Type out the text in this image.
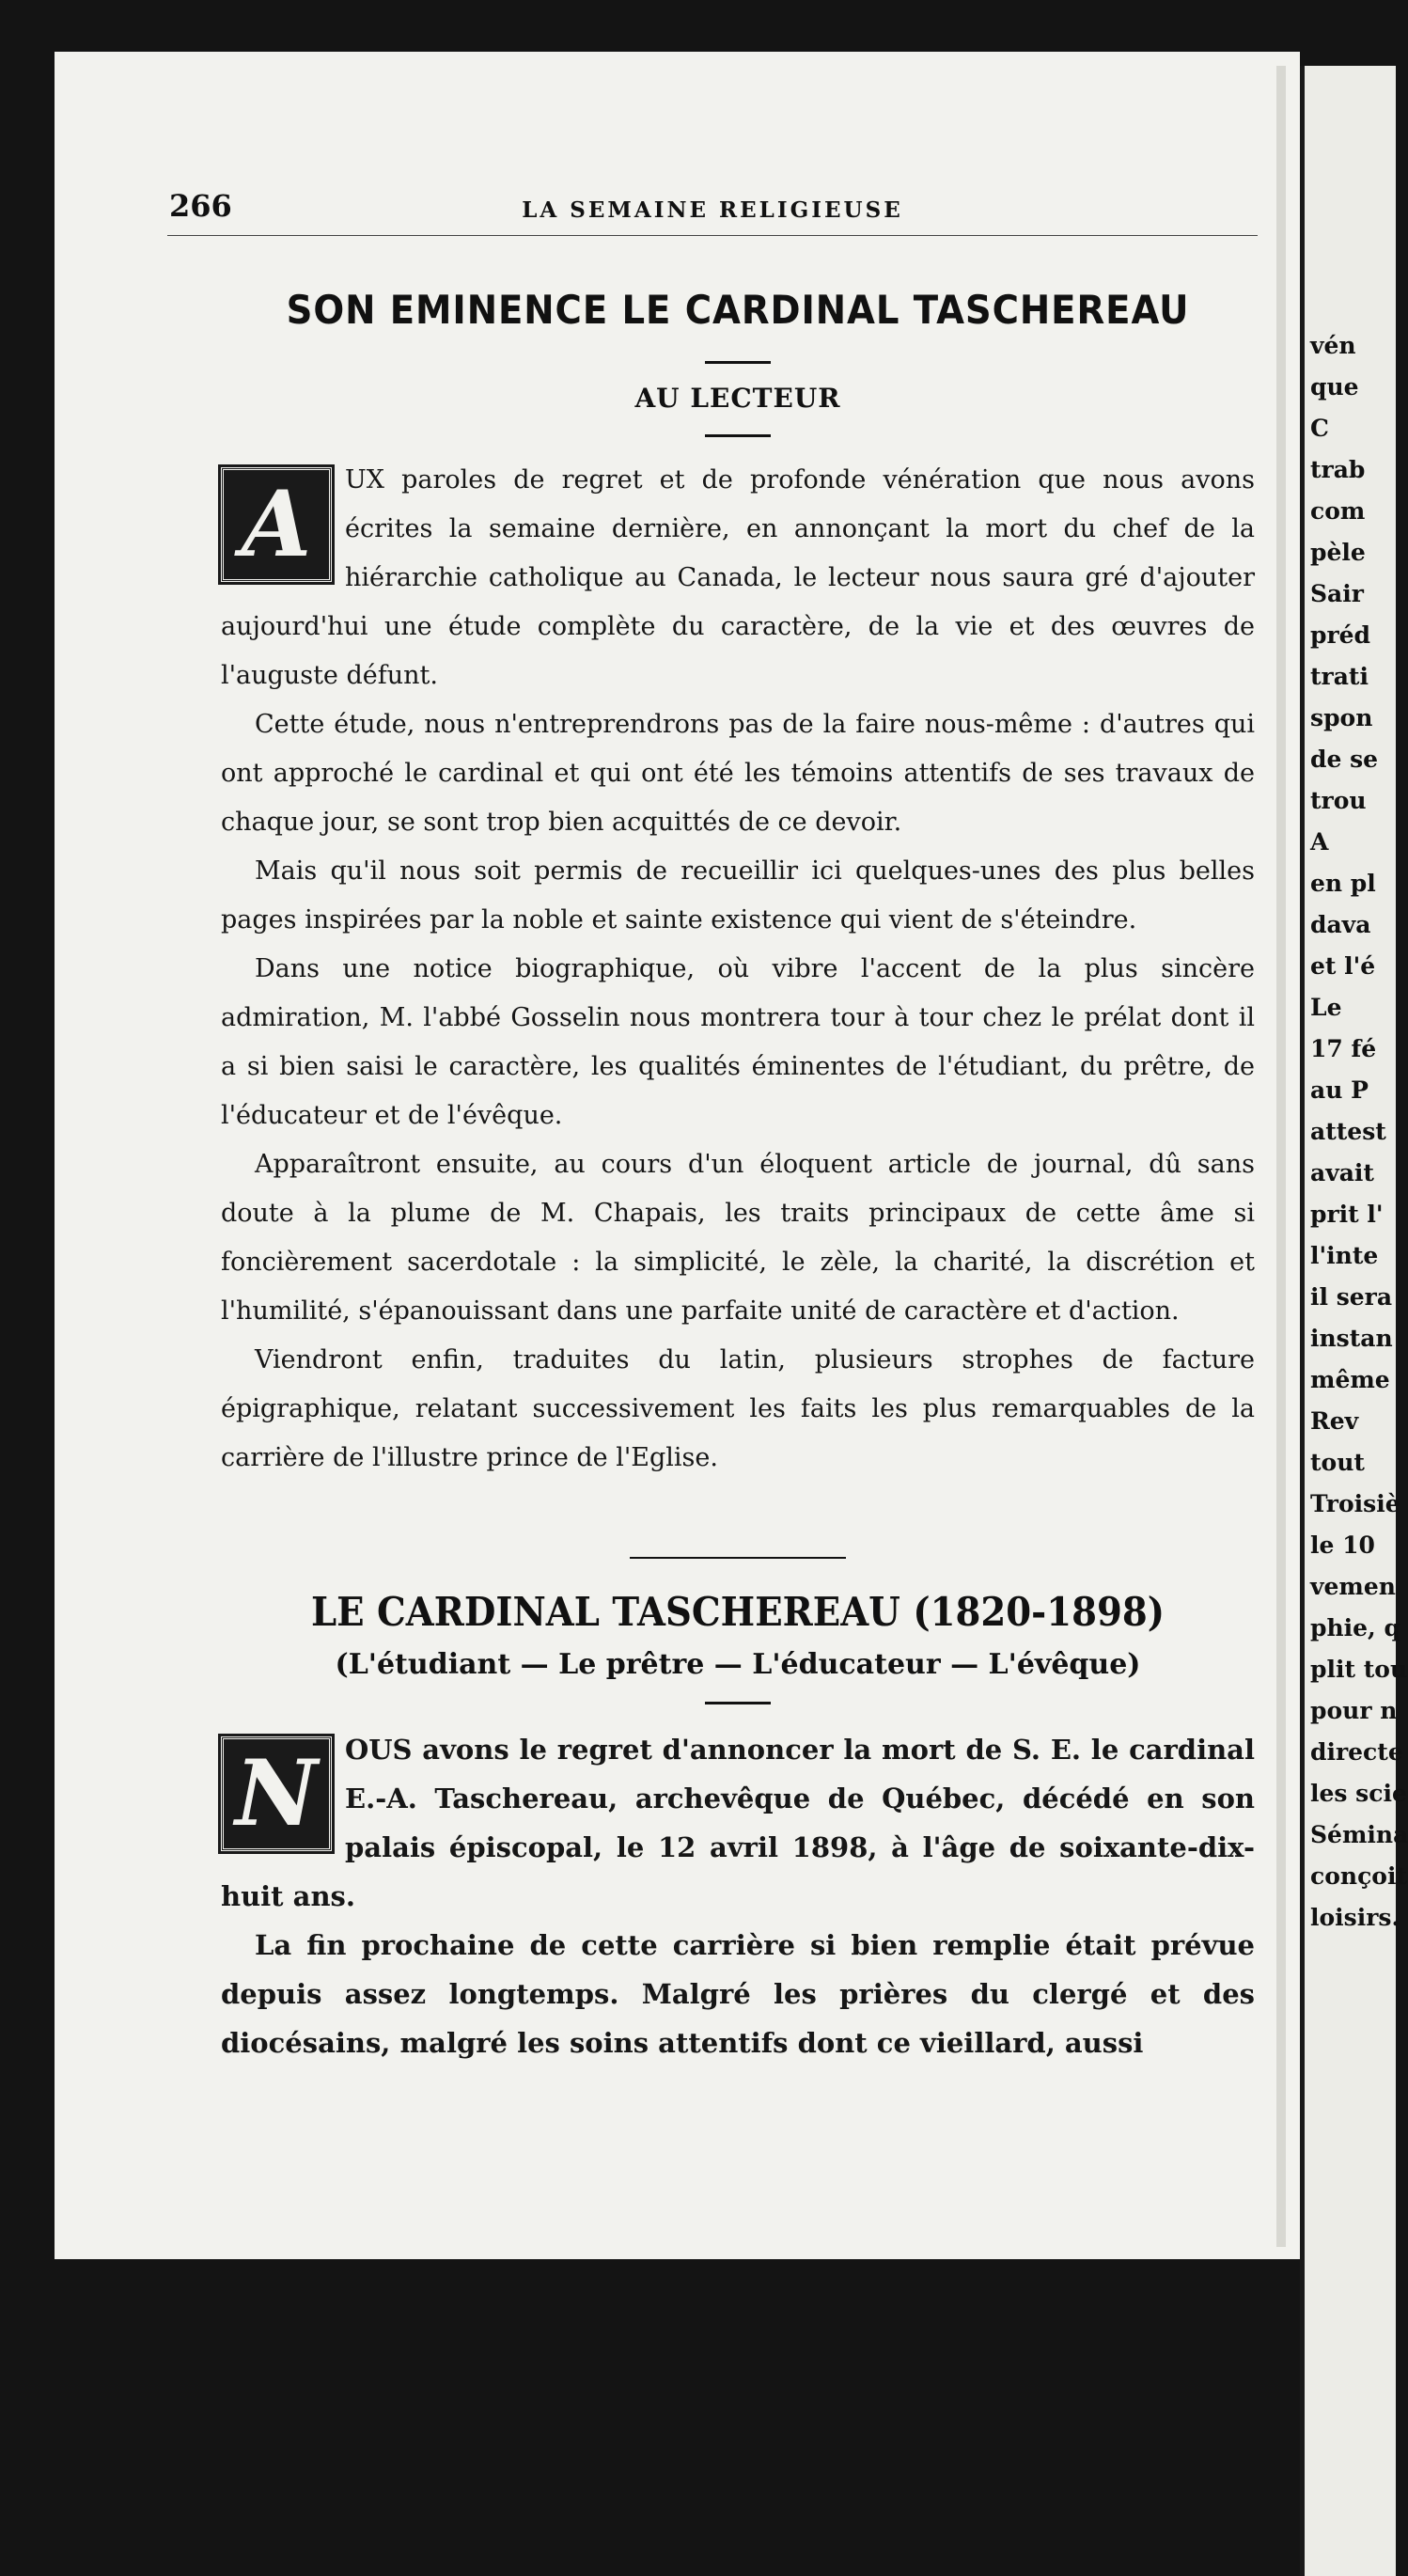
vén
que
C
trab
com
pèle
Sair
préd
trati
spon
de se
trou
A
en pl
dava
et l'é
Le
17 fé
au P
attest
avait
prit l'
l'inte
il sera
instan
même
Rev
tout
Troisiè
le 10
vemen
phie, q
plit tou
pour n
directe
les scie
Sémina
conçoit
loisirs.
266	LA SEMAINE RELIGIEUSE
SON EMINENCE LE CARDINAL TASCHEREAU
AU LECTEUR
A	UX paroles de regret et de profonde vénération que nous avons écrites la semaine dernière, en annonçant la mort du chef de la hiérarchie catholique au Canada, le lecteur nous saura gré d'ajouter aujourd'hui une étude complète du caractère, de la vie et des œuvres de l'auguste défunt.

Cette étude, nous n'entreprendrons pas de la faire nous-même : d'autres qui ont approché le cardinal et qui ont été les témoins attentifs de ses travaux de chaque jour, se sont trop bien acquittés de ce devoir.

Mais qu'il nous soit permis de recueillir ici quelques-unes des plus belles pages inspirées par la noble et sainte existence qui vient de s'éteindre.

Dans une notice biographique, où vibre l'accent de la plus sincère admiration, M. l'abbé Gosselin nous montrera tour à tour chez le prélat dont il a si bien saisi le caractère, les qualités éminentes de l'étudiant, du prêtre, de l'éducateur et de l'évêque.

Apparaîtront ensuite, au cours d'un éloquent article de journal, dû sans doute à la plume de M. Chapais, les traits principaux de cette âme si foncièrement sacerdotale : la simplicité, le zèle, la charité, la discrétion et l'humilité, s'épanouissant dans une parfaite unité de caractère et d'action.

Viendront enfin, traduites du latin, plusieurs strophes de facture épigraphique, relatant successivement les faits les plus remarquables de la carrière de l'illustre prince de l'Eglise.

LE CARDINAL TASCHEREAU (1820-1898)
(L'étudiant — Le prêtre — L'éducateur — L'évêque)
N	OUS avons le regret d'annoncer la mort de S. E. le cardinal E.-A. Taschereau, archevêque de Québec, décédé en son palais épiscopal, le 12 avril 1898, à l'âge de soixante-dix-huit ans.

La fin prochaine de cette carrière si bien remplie était prévue depuis assez longtemps. Malgré les prières du clergé et des diocésains, malgré les soins attentifs dont ce vieillard, aussi
